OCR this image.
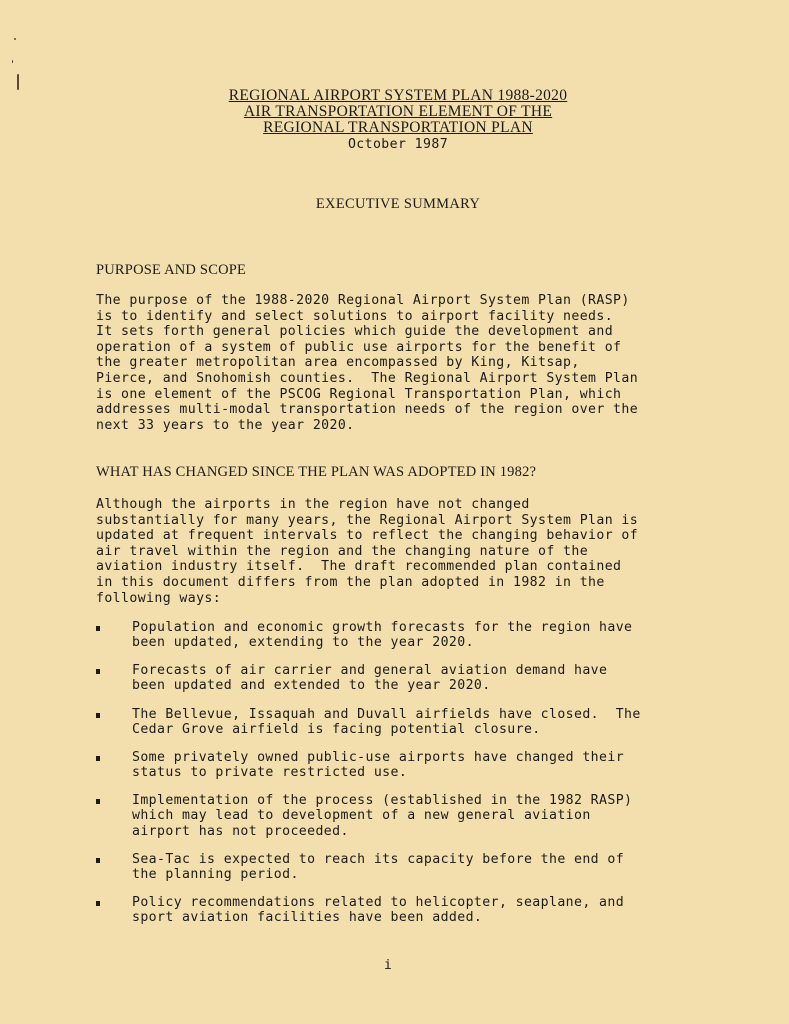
REGIONAL AIRPORT SYSTEM PLAN 1988-2020
AIR TRANSPORTATION ELEMENT OF THE
REGIONAL TRANSPORTATION PLAN
October 1987
EXECUTIVE SUMMARY
PURPOSE AND SCOPE
The purpose of the 1988-2020 Regional Airport System Plan (RASP)
is to identify and select solutions to airport facility needs.
It sets forth general policies which guide the development and
operation of a system of public use airports for the benefit of
the greater metropolitan area encompassed by King, Kitsap,
Pierce, and Snohomish counties.  The Regional Airport System Plan
is one element of the PSCOG Regional Transportation Plan, which
addresses multi-modal transportation needs of the region over the
next 33 years to the year 2020.
WHAT HAS CHANGED SINCE THE PLAN WAS ADOPTED IN 1982?
Although the airports in the region have not changed
substantially for many years, the Regional Airport System Plan is
updated at frequent intervals to reflect the changing behavior of
air travel within the region and the changing nature of the
aviation industry itself.  The draft recommended plan contained
in this document differs from the plan adopted in 1982 in the
following ways:
Population and economic growth forecasts for the region have
been updated, extending to the year 2020.
Forecasts of air carrier and general aviation demand have
been updated and extended to the year 2020.
The Bellevue, Issaquah and Duvall airfields have closed.  The
Cedar Grove airfield is facing potential closure.
Some privately owned public-use airports have changed their
status to private restricted use.
Implementation of the process (established in the 1982 RASP)
which may lead to development of a new general aviation
airport has not proceeded.
Sea-Tac is expected to reach its capacity before the end of
the planning period.
Policy recommendations related to helicopter, seaplane, and
sport aviation facilities have been added.
i
